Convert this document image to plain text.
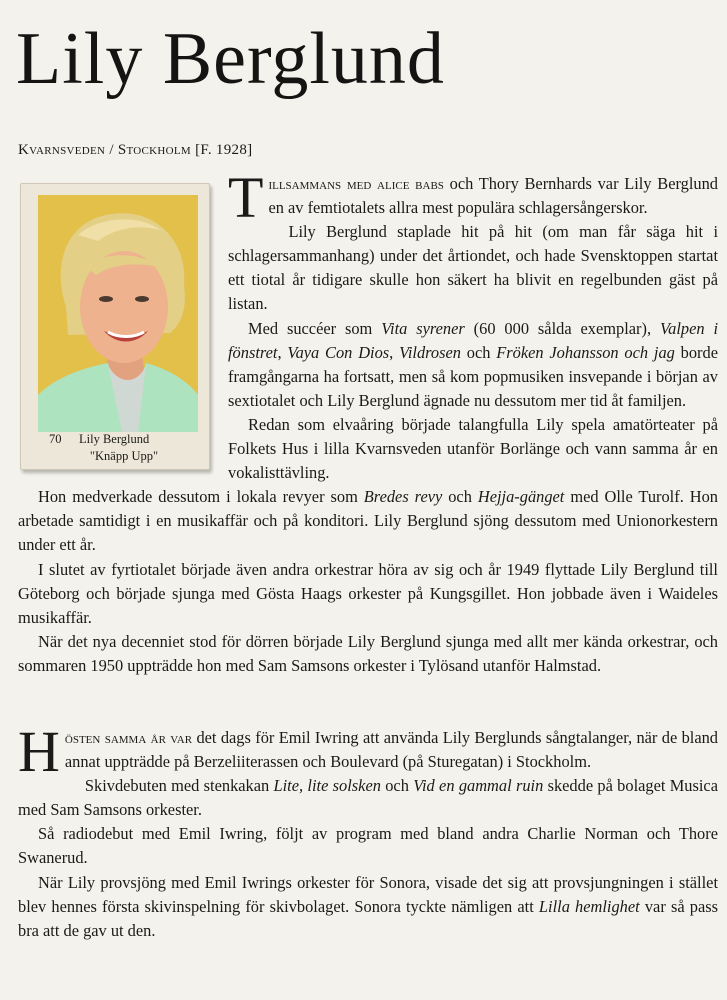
Lily Berglund
Kvarnsveden / Stockholm [F. 1928]
70 Lily Berglund
"Knäpp Upp"

Tillsammans med alice babs och Thory Bernhards var Lily Berglund en av femtiotalets allra mest populära schlagersångerskor.

Lily Berglund staplade hit på hit (om man får säga hit i schlagersammanhang) under det årtiondet, och hade Svensktoppen startat ett tiotal år tidigare skulle hon säkert ha blivit en regelbunden gäst på listan.

Med succéer som Vita syrener (60 000 sålda exemplar), Valpen i fönstret, Vaya Con Dios, Vildrosen och Fröken Johansson och jag borde framgångarna ha fortsatt, men så kom popmusiken insvepande i början av sextiotalet och Lily Berglund ägnade nu dessutom mer tid åt familjen.

Redan som elvaåring började talangfulla Lily spela amatörteater på Folkets Hus i lilla Kvarnsveden utanför Borlänge och vann samma år en vokalisttävling.

Hon medverkade dessutom i lokala revyer som Bredes revy och Hejja-gänget med Olle Turolf. Hon arbetade samtidigt i en musikaffär och på konditori. Lily Berglund sjöng dessutom med Unionorkestern under ett år.

I slutet av fyrtiotalet började även andra orkestrar höra av sig och år 1949 flyttade Lily Berglund till Göteborg och började sjunga med Gösta Haags orkester på Kungsgillet. Hon jobbade även i Waideles musikaffär.

När det nya decenniet stod för dörren började Lily Berglund sjunga med allt mer kända orkestrar, och sommaren 1950 uppträdde hon med Sam Samsons orkester i Tylösand utanför Halmstad.

Hösten samma år var det dags för Emil Iwring att använda Lily Berglunds sångtalanger, när de bland annat uppträdde på Berzeliiterassen och Boulevard (på Sturegatan) i Stockholm.

Skivdebuten med stenkakan Lite, lite solsken och Vid en gammal ruin skedde på bolaget Musica med Sam Samsons orkester.

Så radiodebut med Emil Iwring, följt av program med bland andra Charlie Norman och Thore Swanerud.

När Lily provsjöng med Emil Iwrings orkester för Sonora, visade det sig att provsjungningen i stället blev hennes första skivinspelning för skivbolaget. Sonora tyckte nämligen att Lilla hemlighet var så pass bra att de gav ut den.
